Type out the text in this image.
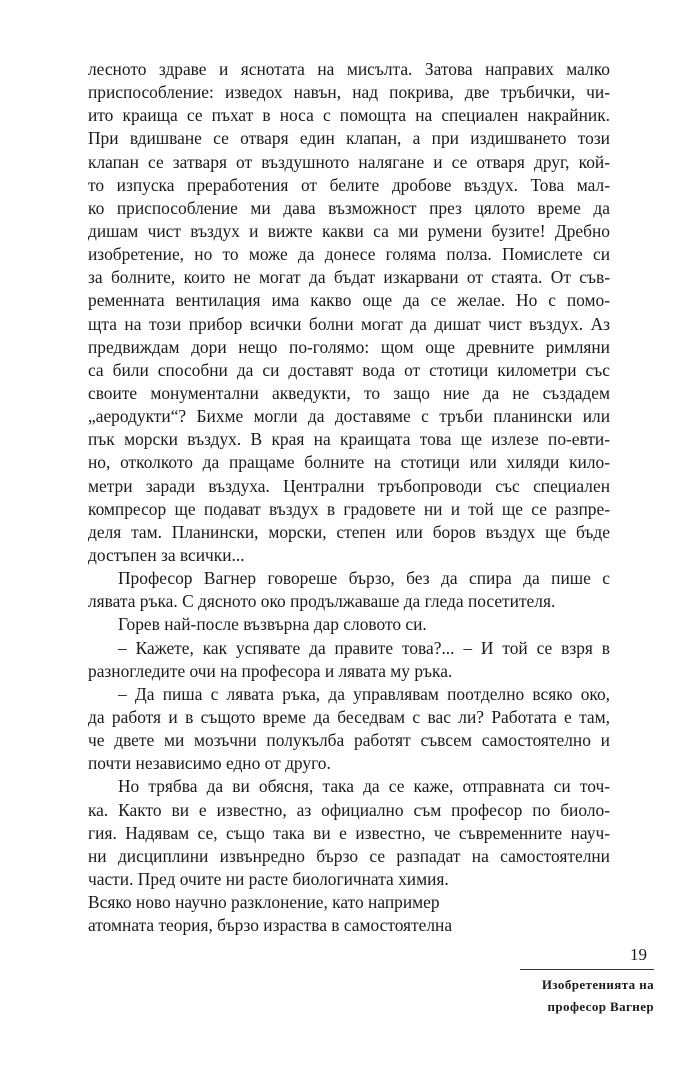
лесното здраве и яснотата на мисълта. Затова направих малко
приспособление: изведох навън, над покрива, две тръбички, чи-
ито краища се пъхат в носа с помощта на специален накрайник.
При вдишване се отваря един клапан, а при издишването този
клапан се затваря от въздушното налягане и се отваря друг, кой-
то изпуска преработения от белите дробове въздух. Това мал-
ко приспособление ми дава възможност през цялото време да
дишам чист въздух и вижте какви са ми румени бузите! Дребно
изобретение, но то може да донесе голяма полза. Помислете си
за болните, които не могат да бъдат изкарвани от стаята. От съв-
ременната вентилация има какво още да се желае. Но с помо-
щта на този прибор всички болни могат да дишат чист въздух. Аз
предвиждам дори нещо по-голямо: щом още древните римляни
са били способни да си доставят вода от стотици километри със
своите монументални акведукти, то защо ние да не създадем
„аеродукти“? Бихме могли да доставяме с тръби планински или
пък морски въздух. В края на краищата това ще излезе по-евти-
но, отколкото да пращаме болните на стотици или хиляди кило-
метри заради въздуха. Централни тръбопроводи със специален
компресор ще подават въздух в градовете ни и той ще се разпре-
деля там. Планински, морски, степен или боров въздух ще бъде
достъпен за всички...
Професор Вагнер говореше бързо, без да спира да пише с
лявата ръка. С дясното око продължаваше да гледа посетителя.
Горев най-после възвърна дар словото си.
– Кажете, как успявате да правите това?... – И той се взря в
разногледите очи на професора и лявата му ръка.
– Да пиша с лявата ръка, да управлявам поотделно всяко око,
да работя и в същото време да беседвам с вас ли? Работата е там,
че двете ми мозъчни полукълба работят съвсем самостоятелно и
почти независимо едно от друго.
Но трябва да ви обясня, така да се каже, отправната си точ-
ка. Както ви е известно, аз официално съм професор по биоло-
гия. Надявам се, също така ви е известно, че съвременните науч-
ни дисциплини извънредно бързо се разпадат на самостоятелни
части. Пред очите ни расте биологичната химия.
Всяко ново научно разклонение, като например
атомната теория, бързо израства в самостоятелна
19
Изобретенията на
професор Вагнер
